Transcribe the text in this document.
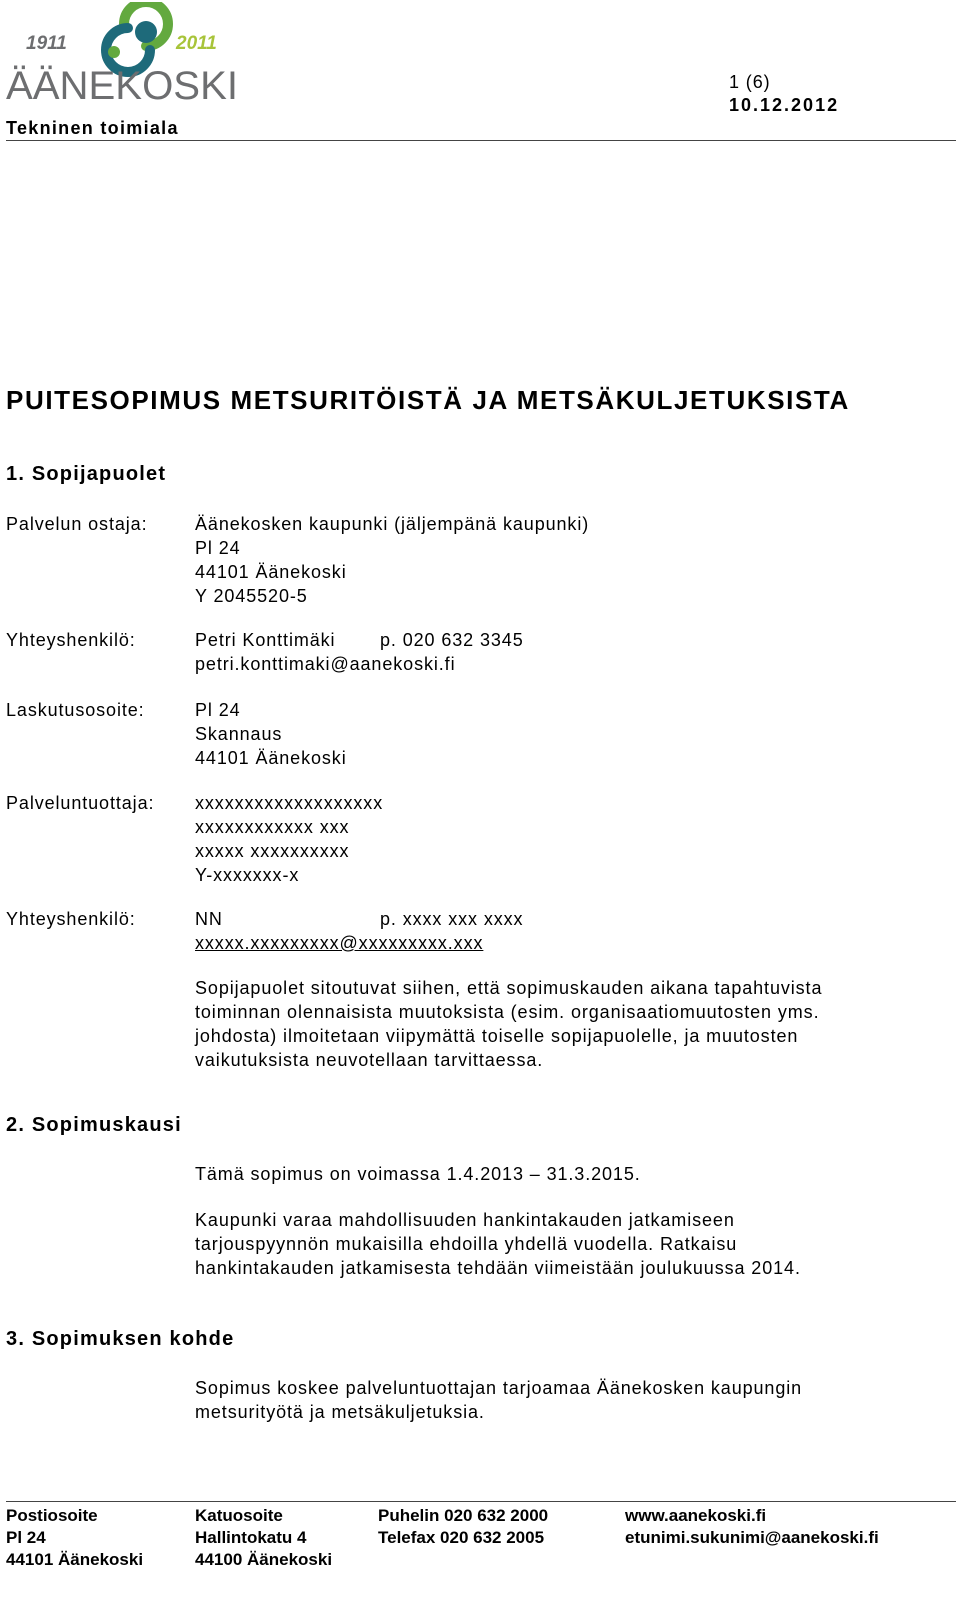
1911	2011
ÄÄNEKOSKI	1 (6)
10.12.2012
Tekninen toimiala
PUITESOPIMUS METSURITÖISTÄ JA METSÄKULJETUKSISTA
1. Sopijapuolet
Palvelun ostaja:	Äänekosken kaupunki (jäljempänä kaupunki)
Pl 24
44101 Äänekoski
Y 2045520-5
Yhteyshenkilö:	Petri Konttimäki p. 020 632 3345
petri.konttimaki@aanekoski.fi
Laskutusosoite:	Pl 24
Skannaus
44101 Äänekoski
Palveluntuottaja: xxxxxxxxxxxxxxxxxxx
xxxxxxxxxxxx xxx
xxxxx xxxxxxxxxx
Y-xxxxxxx-x
Yhteyshenkilö:	NN	p. xxxx xxx xxxx
xxxxx.xxxxxxxxx@xxxxxxxxx.xxx
Sopijapuolet sitoutuvat siihen, että sopimuskauden aikana tapahtuvista
toiminnan olennaisista muutoksista (esim. organisaatiomuutosten yms.
johdosta) ilmoitetaan viipymättä toiselle sopijapuolelle, ja muutosten
vaikutuksista neuvotellaan tarvittaessa.
2. Sopimuskausi
Tämä sopimus on voimassa 1.4.2013 – 31.3.2015.
Kaupunki varaa mahdollisuuden hankintakauden jatkamiseen
tarjouspyynnön mukaisilla ehdoilla yhdellä vuodella. Ratkaisu
hankintakauden jatkamisesta tehdään viimeistään joulukuussa 2014.
3. Sopimuksen kohde
Sopimus koskee palveluntuottajan tarjoamaa Äänekosken kaupungin
metsurityötä ja metsäkuljetuksia.
Postiosoite
Pl 24
44101 Äänekoski
Katuosoite
Hallintokatu 4
44100 Äänekoski
Puhelin 020 632 2000
Telefax 020 632 2005
www.aanekoski.fi
etunimi.sukunimi@aanekoski.fi
